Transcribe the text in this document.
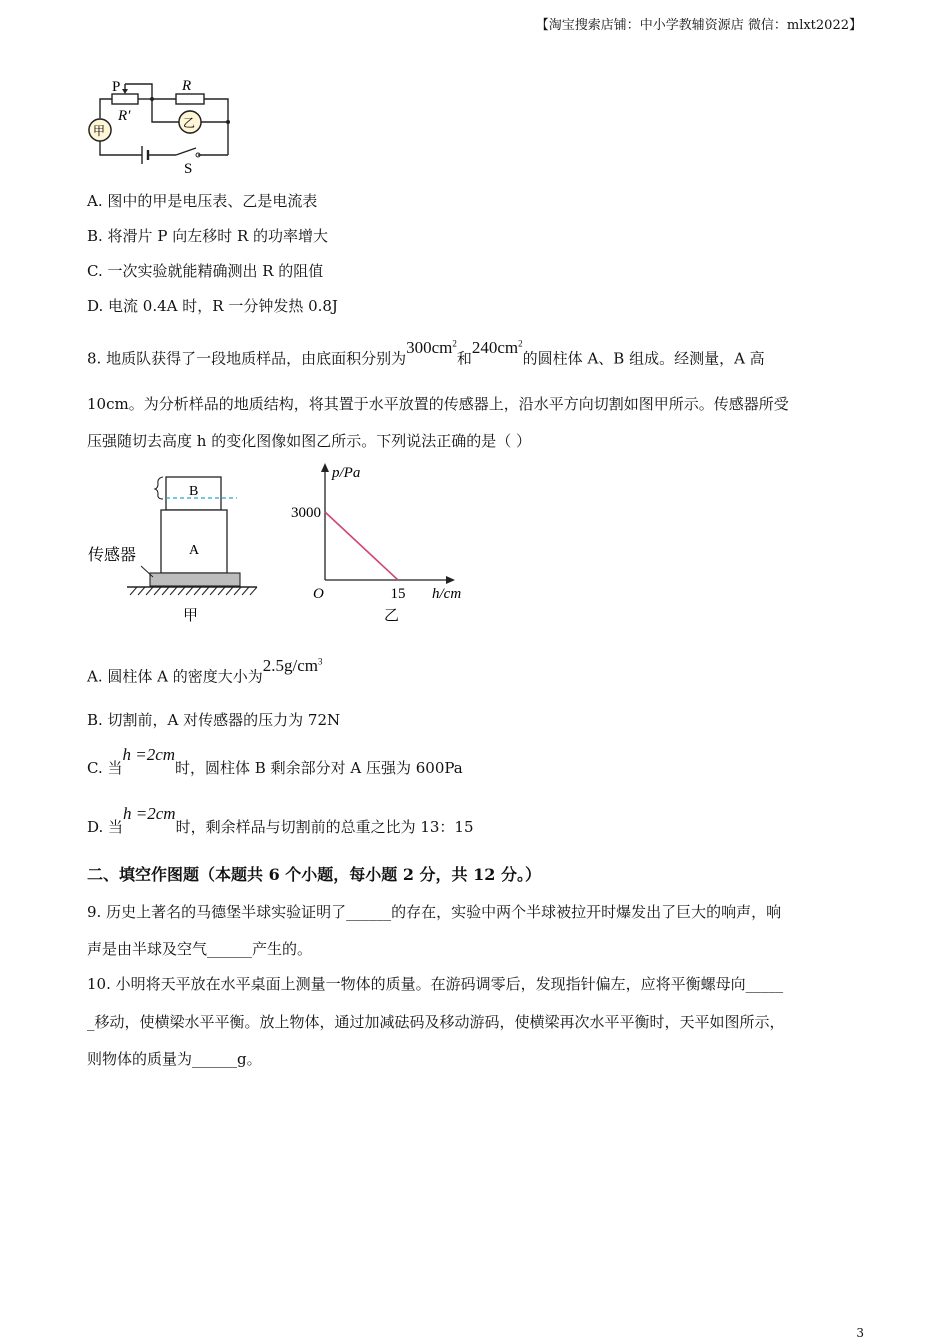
【淘宝搜索店铺：中小学教辅资源店 微信：mlxt2022】
P	R
R′
甲
乙
S
A. 图中的甲是电压表、乙是电流表
B. 将滑片 P 向左移时 R 的功率增大
C. 一次实验就能精确测出 R 的阻值
D. 电流 0.4A 时，R 一分钟发热 0.8J
8. 地质队获得了一段地质样品，由底面积分别为$300cm^2$和$240cm^2$的圆柱体 A、B 组成。经测量，A 高
10cm。为分析样品的地质结构，将其置于水平放置的传感器上，沿水平方向切割如图甲所示。传感器所受
压强随切去高度 h 的变化图像如图乙所示。下列说法正确的是（ ）
B
A
传感器
甲
p/Pa
h/cm
O
3000
15
乙
A. 圆柱体 A 的密度大小为$2.5g/cm^3$
B. 切割前，A 对传感器的压力为 72N
C. 当h =2cm时，圆柱体 B 剩余部分对 A 压强为 600Pa
D. 当h =2cm时，剩余样品与切割前的总重之比为 13：15
二、填空作图题（本题共 6 个小题，每小题 2 分，共 12 分。）
9. 历史上著名的马德堡半球实验证明了______的存在，实验中两个半球被拉开时爆发出了巨大的响声，响
声是由半球及空气______产生的。
10. 小明将天平放在水平桌面上测量一物体的质量。在游码调零后，发现指针偏左，应将平衡螺母向_____
_移动，使横梁水平平衡。放上物体，通过加减砝码及移动游码，使横梁再次水平平衡时，天平如图所示，
则物体的质量为______g。
3
